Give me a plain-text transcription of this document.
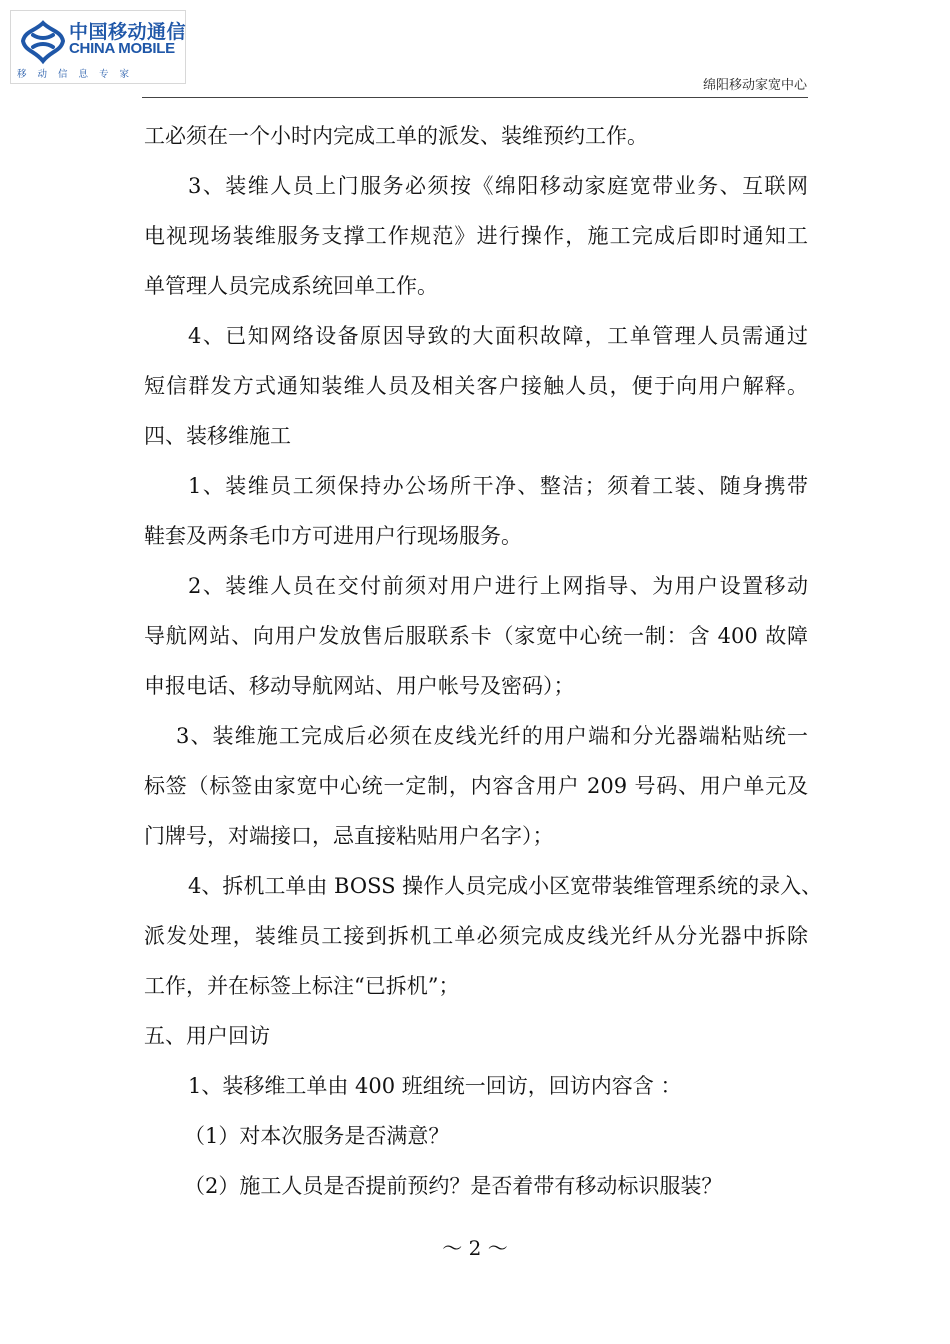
中国移动通信
CHINA MOBILE
移动信息专家
绵阳移动家宽中心
工必须在一个小时内完成工单的派发、装维预约工作。
3、装维人员上门服务必须按《绵阳移动家庭宽带业务、互联网
电视现场装维服务支撑工作规范》进行操作，施工完成后即时通知工
单管理人员完成系统回单工作。
4、已知网络设备原因导致的大面积故障，工单管理人员需通过
短信群发方式通知装维人员及相关客户接触人员，便于向用户解释。
四、装移维施工
1、装维员工须保持办公场所干净、整洁；须着工装、随身携带
鞋套及两条毛巾方可进用户行现场服务。
2、装维人员在交付前须对用户进行上网指导、为用户设置移动
导航网站、向用户发放售后服联系卡（家宽中心统一制：含 400 故障
申报电话、移动导航网站、用户帐号及密码）；
3、装维施工完成后必须在皮线光纤的用户端和分光器端粘贴统一
标签（标签由家宽中心统一定制，内容含用户 209 号码、用户单元及
门牌号，对端接口，忌直接粘贴用户名字）；
4、拆机工单由 BOSS 操作人员完成小区宽带装维管理系统的录入、
派发处理，装维员工接到拆机工单必须完成皮线光纤从分光器中拆除
工作，并在标签上标注“已拆机”；
五、用户回访
1、装移维工单由 400 班组统一回访，回访内容含 ：
（1）对本次服务是否满意？
（2）施工人员是否提前预约？是否着带有移动标识服装？
～ 2 ～
